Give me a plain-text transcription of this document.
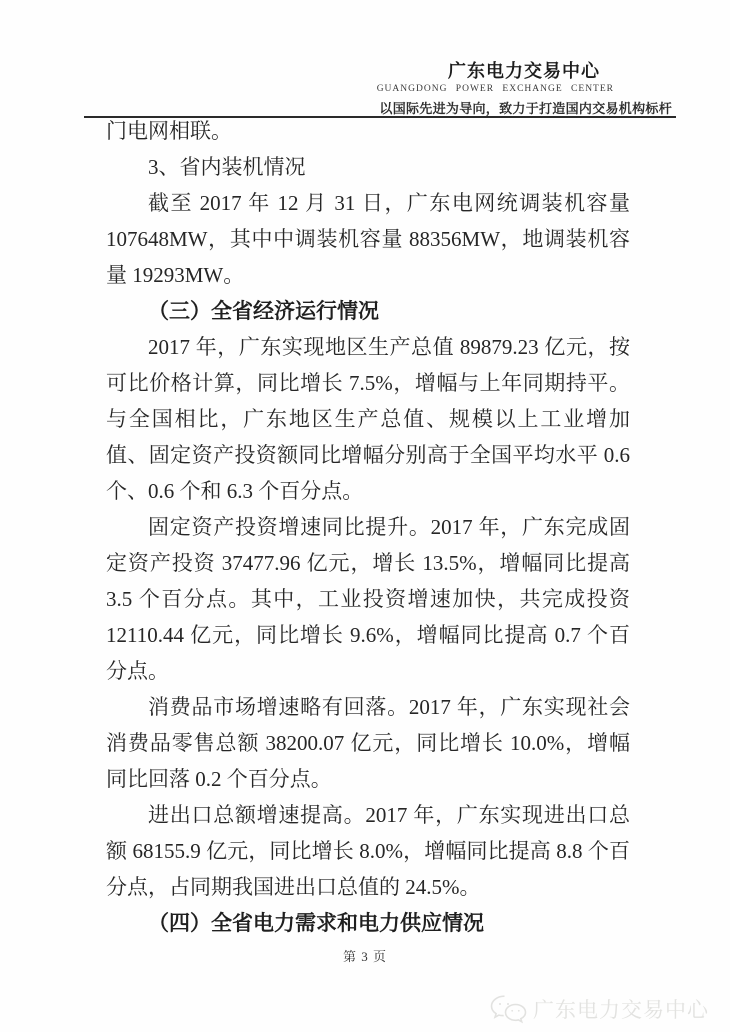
广东电力交易中心
GUANGDONG POWER EXCHANGE CENTER
以国际先进为导向，致力于打造国内交易机构标杆

门电网相联。

3、省内装机情况

截至 2017 年 12 月 31 日，广东电网统调装机容量 107648MW，其中中调装机容量 88356MW，地调装机容量 19293MW。

（三）全省经济运行情况

2017 年，广东实现地区生产总值 89879.23 亿元，按可比价格计算，同比增长 7.5%，增幅与上年同期持平。与全国相比，广东地区生产总值、规模以上工业增加值、固定资产投资额同比增幅分别高于全国平均水平 0.6 个、0.6 个和 6.3 个百分点。

固定资产投资增速同比提升。2017 年，广东完成固定资产投资 37477.96 亿元，增长 13.5%，增幅同比提高 3.5 个百分点。其中，工业投资增速加快，共完成投资 12110.44 亿元，同比增长 9.6%，增幅同比提高 0.7 个百分点。

消费品市场增速略有回落。2017 年，广东实现社会消费品零售总额 38200.07 亿元，同比增长 10.0%，增幅同比回落 0.2 个百分点。

进出口总额增速提高。2017 年，广东实现进出口总额 68155.9 亿元，同比增长 8.0%，增幅同比提高 8.8 个百分点，占同期我国进出口总值的 24.5%。

（四）全省电力需求和电力供应情况
第 3 页
广东电力交易中心
